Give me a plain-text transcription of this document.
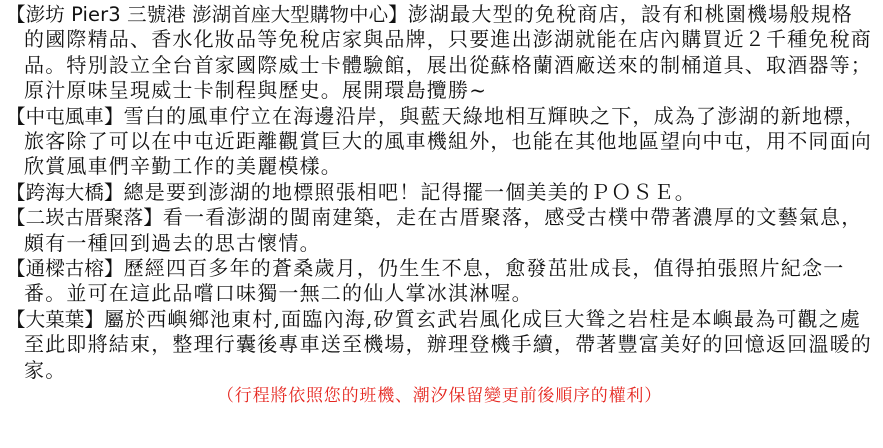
【澎坊 Pier3 三號港 澎湖首座大型購物中心】澎湖最大型的免稅商店，設有和桃園機場般規格的國際精品、香水化妝品等免稅店家與品牌，只要進出澎湖就能在店內購買近２千種免稅商品。特別設立全台首家國際威士卡體驗館，展出從蘇格蘭酒廠送來的制桶道具、取酒器等；原汁原味呈現威士卡制程與歷史。展開環島攬勝~

【中屯風車】雪白的風車佇立在海邊沿岸，與藍天綠地相互輝映之下，成為了澎湖的新地標，旅客除了可以在中屯近距離觀賞巨大的風車機組外，也能在其他地區望向中屯，用不同面向欣賞風車們辛勤工作的美麗模樣。

【跨海大橋】總是要到澎湖的地標照張相吧！記得擺一個美美的ＰＯＳＥ。

【二崁古厝聚落】看一看澎湖的閩南建築，走在古厝聚落，感受古樸中帶著濃厚的文藝氣息，頗有一種回到過去的思古懷情。

【通樑古榕】歷經四百多年的蒼桑歲月，仍生生不息，愈發茁壯成長，值得拍張照片紀念一番。並可在這此品嚐口味獨一無二的仙人掌冰淇淋喔。

【大菓葉】屬於西嶼鄉池東村,面臨內海,矽質玄武岩風化成巨大聳之岩柱是本嶼最為可觀之處至此即將結束，整理行囊後專車送至機場，辦理登機手續，帶著豐富美好的回憶返回溫暖的家。

（行程將依照您的班機、潮汐保留變更前後順序的權利）
